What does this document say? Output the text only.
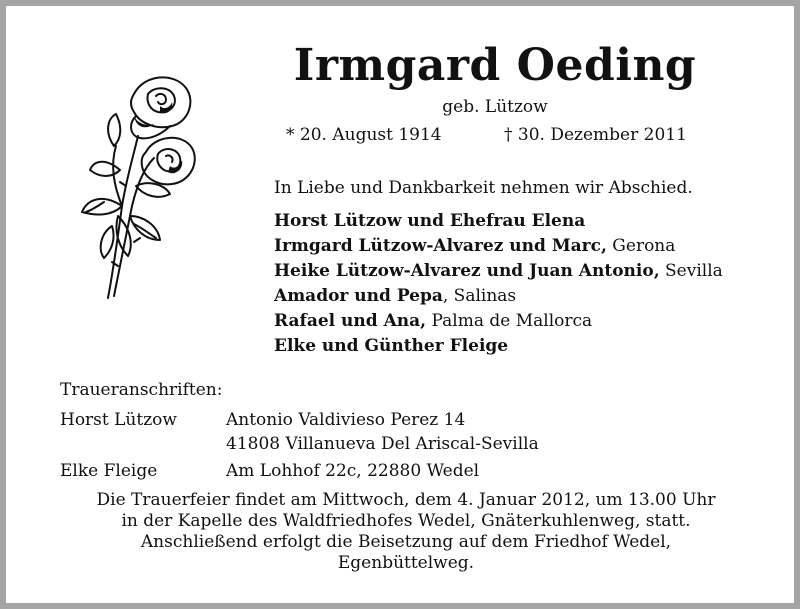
Irmgard Oeding
geb. Lützow
* 20. August 1914	† 30. Dezember 2011
In Liebe und Dankbarkeit nehmen wir Abschied.
Horst Lützow und Ehefrau Elena
Irmgard Lützow-Alvarez und Marc, Gerona
Heike Lützow-Alvarez und Juan Antonio, Sevilla
Amador und Pepa, Salinas
Rafael und Ana, Palma de Mallorca
Elke und Günther Fleige
Traueranschriften:
Horst Lützow	Antonio Valdivieso Perez 14
41808 Villanueva Del Ariscal-Sevilla
Elke Fleige	Am Lohhof 22c, 22880 Wedel
Die Trauerfeier findet am Mittwoch, dem 4. Januar 2012, um 13.00 Uhr
in der Kapelle des Waldfriedhofes Wedel, Gnäterkuhlenweg, statt.
Anschließend erfolgt die Beisetzung auf dem Friedhof Wedel,
Egenbüttelweg.
